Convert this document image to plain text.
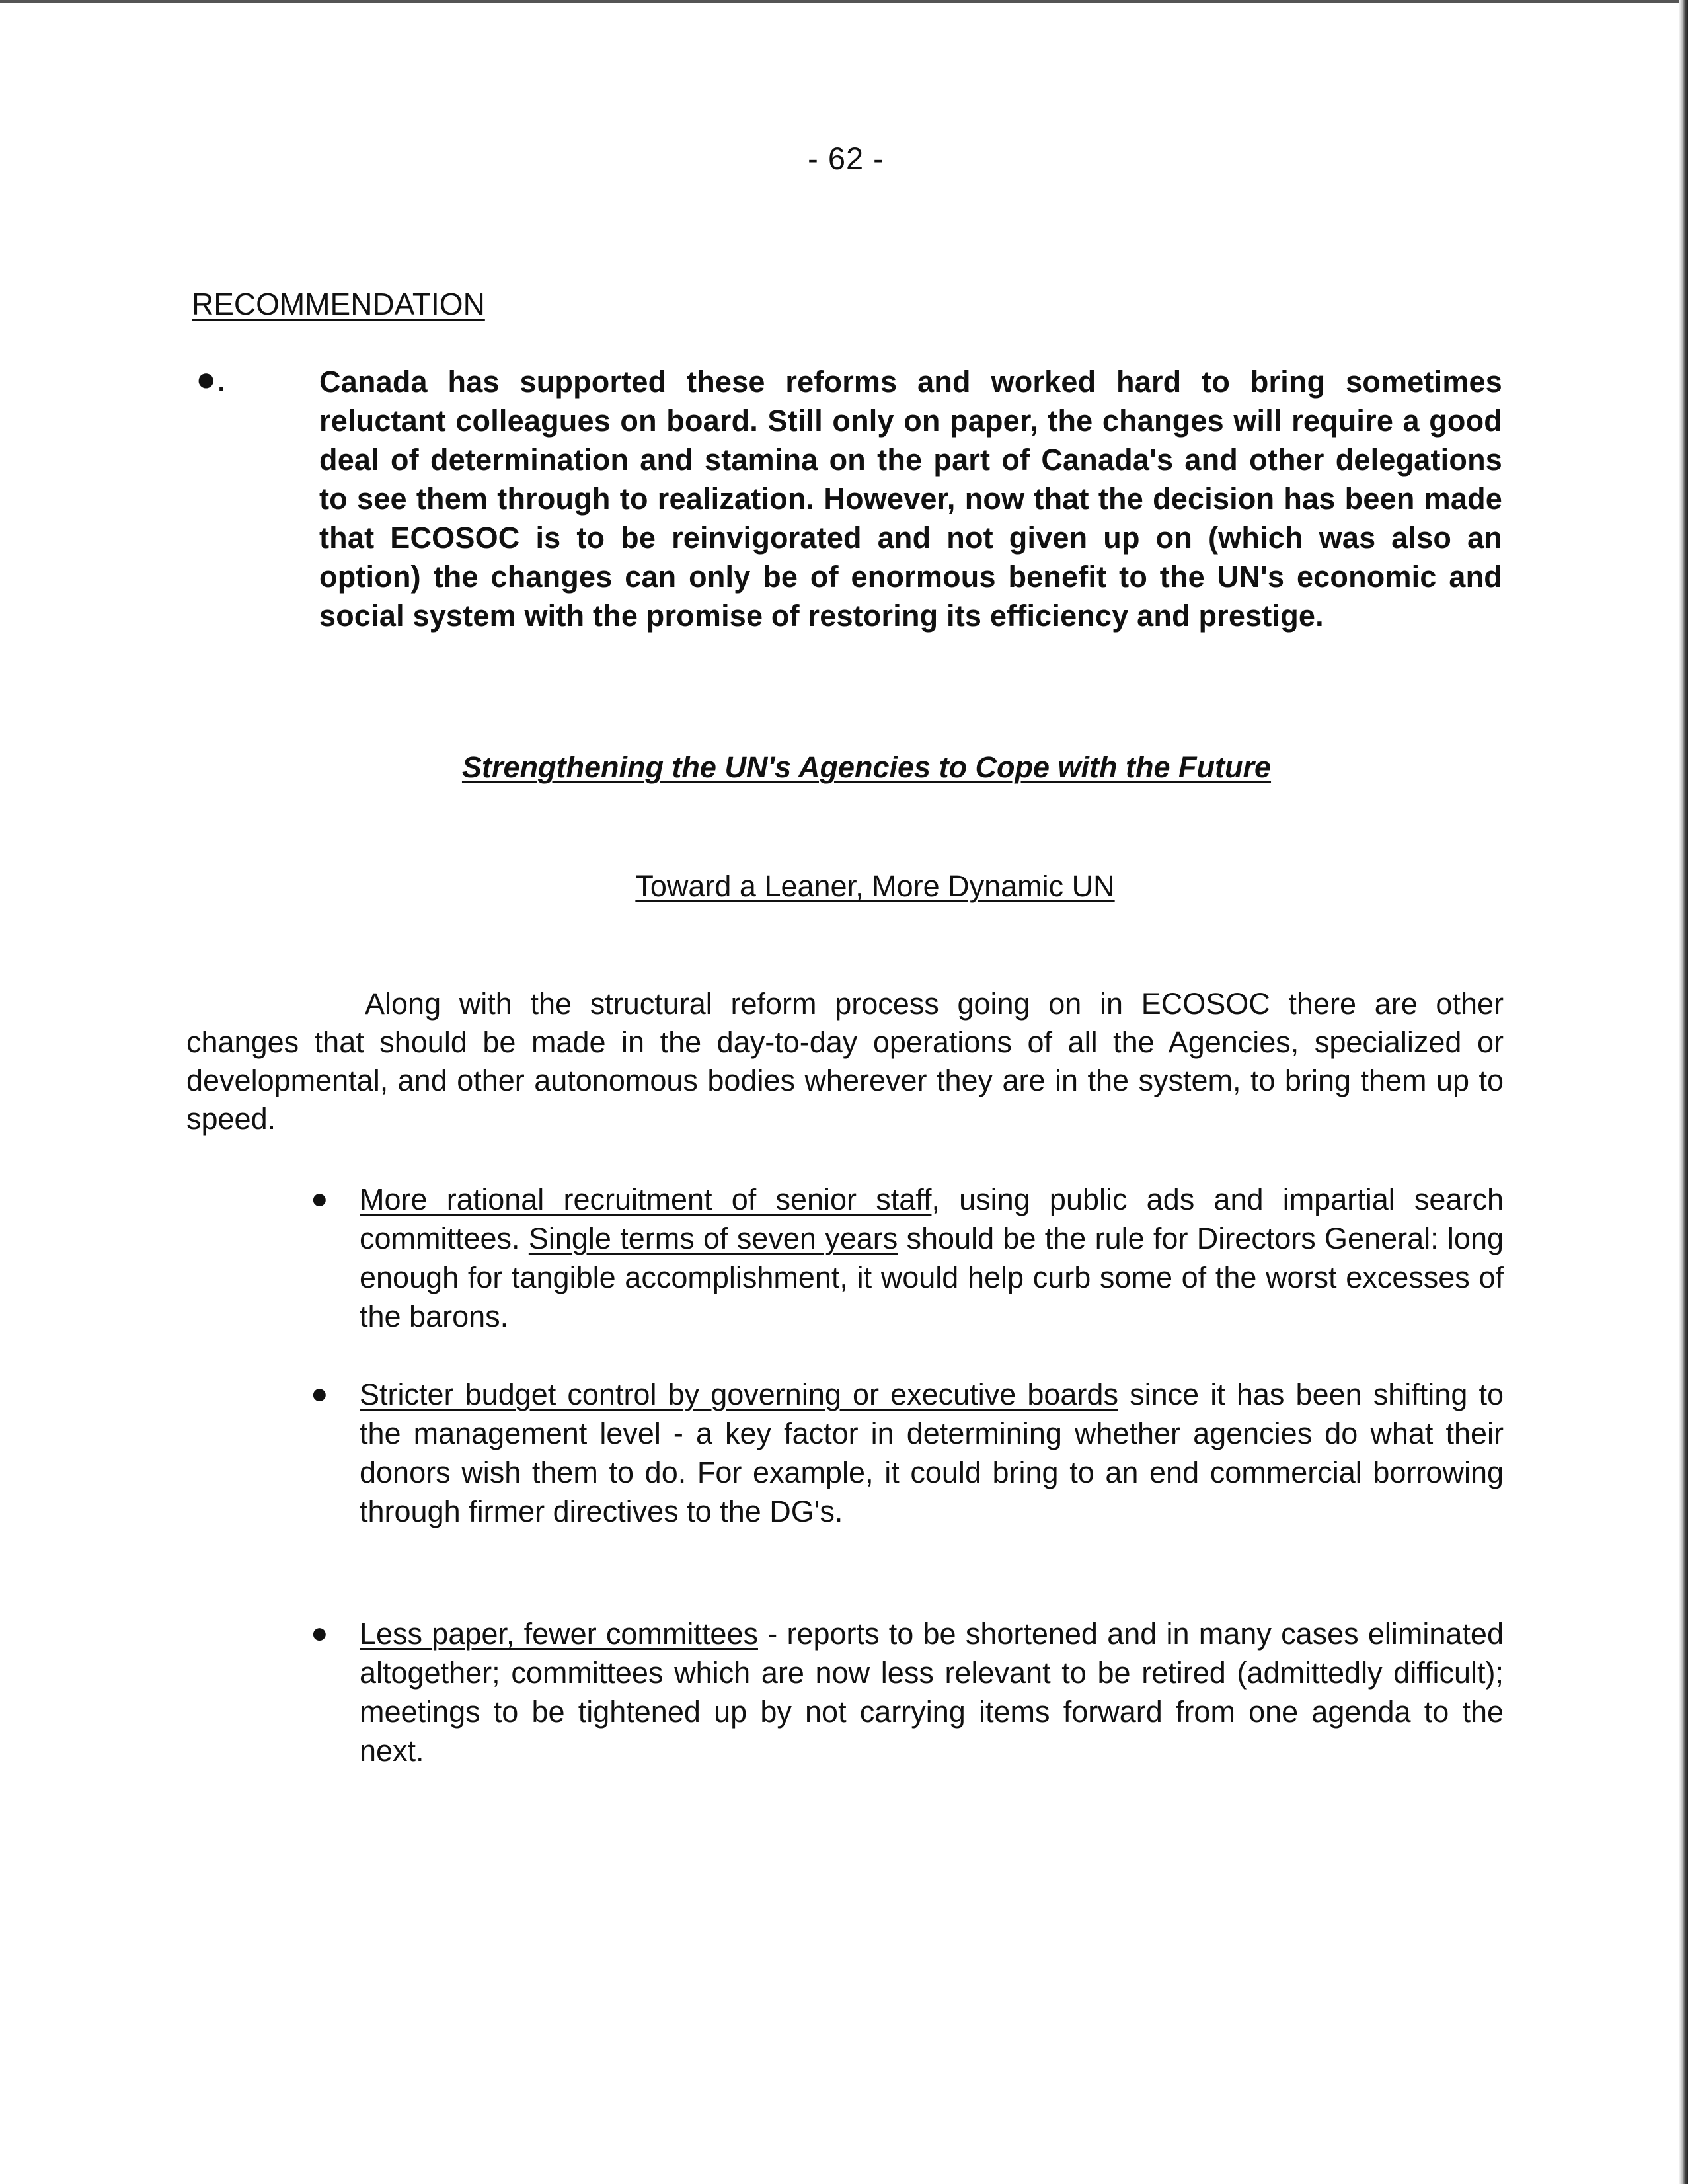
- 62 -
RECOMMENDATION
●.	Canada has supported these reforms and worked hard to bring sometimes reluctant colleagues on board. Still only on paper, the changes will require a good deal of determination and stamina on the part of Canada's and other delegations to see them through to realization. However, now that the decision has been made that ECOSOC is to be reinvigorated and not given up on (which was also an option) the changes can only be of enormous benefit to the UN's economic and social system with the promise of restoring its efficiency and prestige.
Strengthening the UN's Agencies to Cope with the Future
Toward a Leaner, More Dynamic UN
Along with the structural reform process going on in ECOSOC there are other changes that should be made in the day-to-day operations of all the Agencies, specialized or developmental, and other autonomous bodies wherever they are in the system, to bring them up to speed.
● More rational recruitment of senior staff, using public ads and impartial search committees. Single terms of seven years should be the rule for Directors General: long enough for tangible accomplishment, it would help curb some of the worst excesses of the barons.
● Stricter budget control by governing or executive boards since it has been shifting to the management level - a key factor in determining whether agencies do what their donors wish them to do. For example, it could bring to an end commercial borrowing through firmer directives to the DG's.
● Less paper, fewer committees - reports to be shortened and in many cases eliminated altogether; committees which are now less relevant to be retired (admittedly difficult); meetings to be tightened up by not carrying items forward from one agenda to the next.
